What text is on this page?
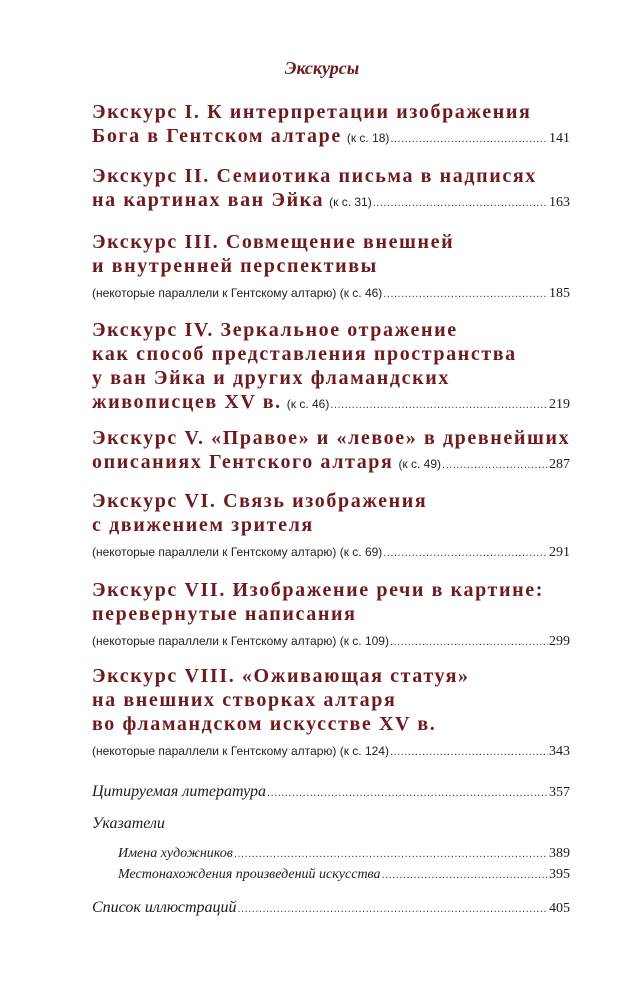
Экскурсы
Экскурс I. К интерпретации изображения
Бога в Гентском алтаре (к с. 18) .....	141
Экскурс II. Семиотика письма в надписях
на картинах ван Эйка (к с. 31) .....	163
Экскурс III. Совмещение внешней
и внутренней перспективы
(некоторые параллели к Гентскому алтарю) (к с. 46) .....	185
Экскурс IV. Зеркальное отражение
как способ представления пространства
у ван Эйка и других фламандских
живописцев XV в. (к с. 46) .....	219
Экскурс V. «Правое» и «левое» в древнейших
описаниях Гентского алтаря (к с. 49) .....	287
Экскурс VI. Связь изображения
с движением зрителя
(некоторые параллели к Гентскому алтарю) (к с. 69) .....	291
Экскурс VII. Изображение речи в картине:
перевернутые написания
(некоторые параллели к Гентскому алтарю) (к с. 109) .....	299
Экскурс VIII. «Оживающая статуя»
на внешних створках алтаря
во фламандском искусстве XV в.
(некоторые параллели к Гентскому алтарю) (к с. 124) .....	343
Цитируемая литература .....	357
Указатели
Имена художников .....	389
Местонахождения произведений искусства .....	395
Список иллюстраций .....	405
